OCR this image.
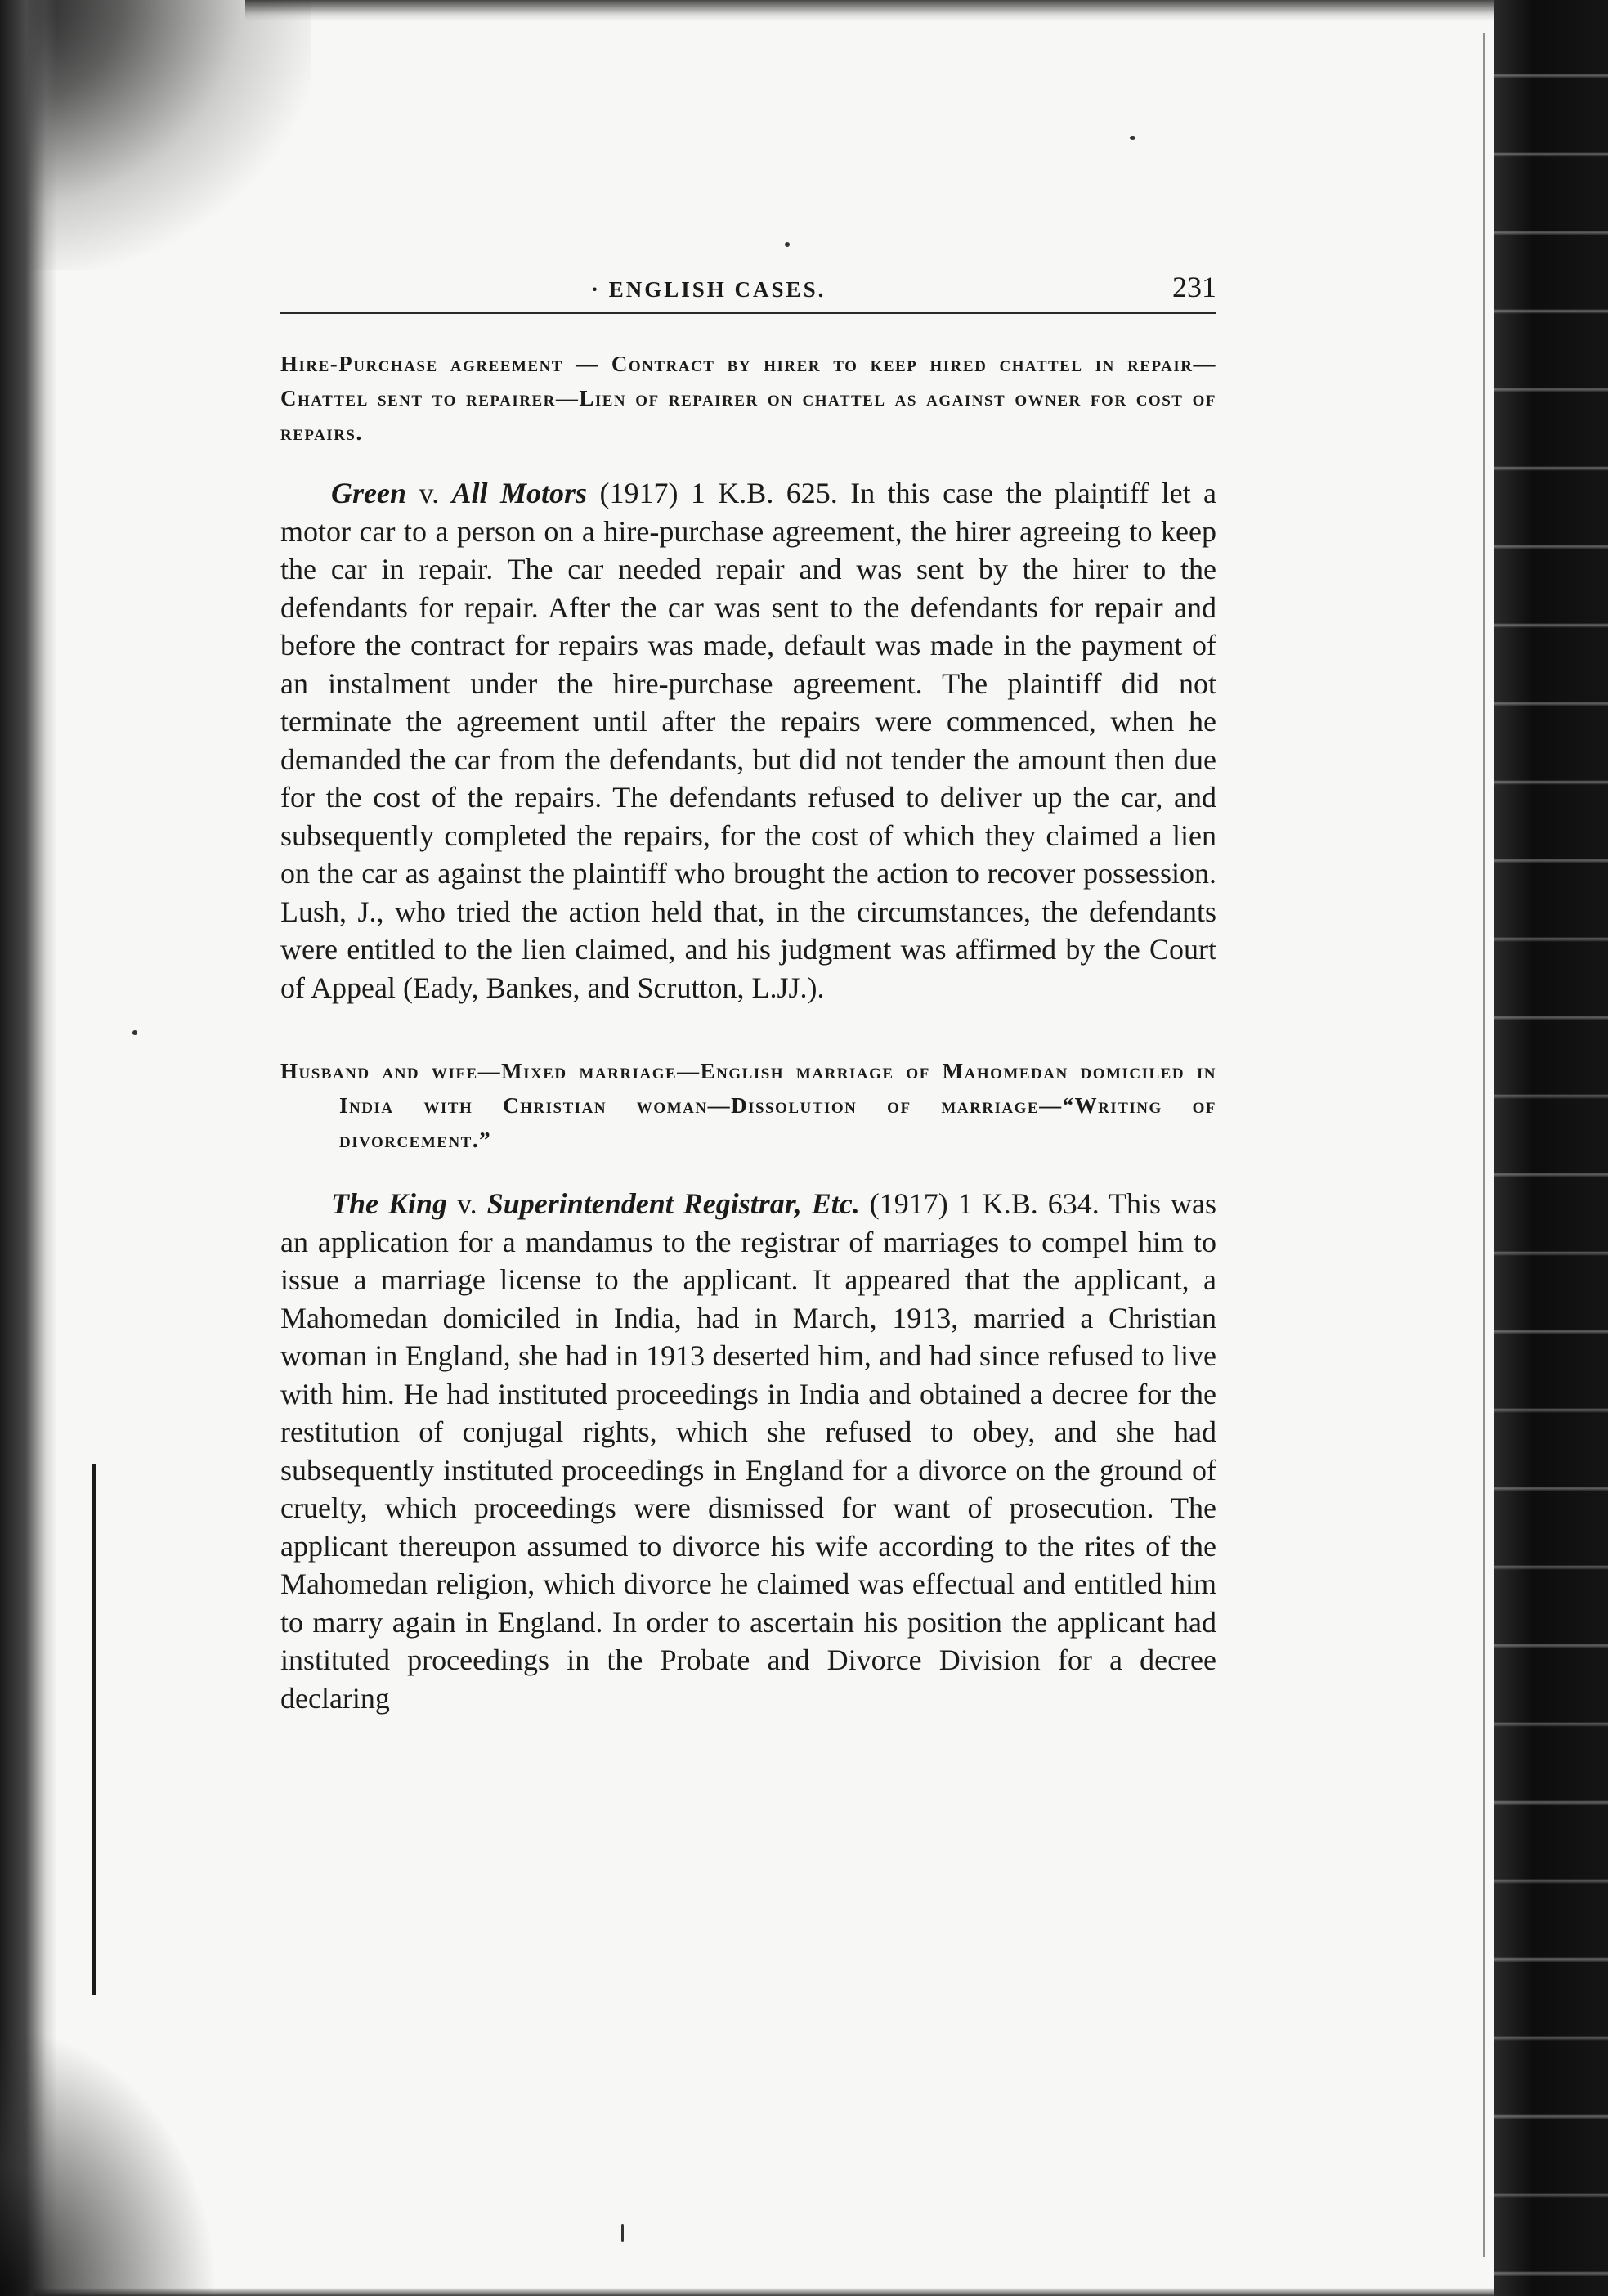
· ENGLISH CASES.	231

Hire-Purchase agreement — Contract by hirer to keep hired chattel in repair—Chattel sent to repairer—Lien of repairer on chattel as against owner for cost of repairs.

Green v. All Motors (1917) 1 K.B. 625. In this case the plaintiff let a motor car to a person on a hire-purchase agreement, the hirer agreeing to keep the car in repair. The car needed repair and was sent by the hirer to the defendants for repair. After the car was sent to the defendants for repair and before the contract for repairs was made, default was made in the payment of an instalment under the hire-purchase agreement. The plaintiff did not terminate the agreement until after the repairs were commenced, when he demanded the car from the defendants, but did not tender the amount then due for the cost of the repairs. The defendants refused to deliver up the car, and subsequently completed the repairs, for the cost of which they claimed a lien on the car as against the plaintiff who brought the action to recover possession. Lush, J., who tried the action held that, in the circumstances, the defendants were entitled to the lien claimed, and his judgment was affirmed by the Court of Appeal (Eady, Bankes, and Scrutton, L.JJ.).

Husband and wife—Mixed marriage—English marriage of Mahomedan domiciled in India with Christian woman—Dissolution of marriage—“Writing of divorcement.”

The King v. Superintendent Registrar, Etc. (1917) 1 K.B. 634. This was an application for a mandamus to the registrar of marriages to compel him to issue a marriage license to the applicant. It appeared that the applicant, a Mahomedan domiciled in India, had in March, 1913, married a Christian woman in England, she had in 1913 deserted him, and had since refused to live with him. He had instituted proceedings in India and obtained a decree for the restitution of conjugal rights, which she refused to obey, and she had subsequently instituted proceedings in England for a divorce on the ground of cruelty, which proceedings were dismissed for want of prosecution. The applicant thereupon assumed to divorce his wife according to the rites of the Mahomedan religion, which divorce he claimed was effectual and entitled him to marry again in England. In order to ascertain his position the applicant had instituted proceedings in the Probate and Divorce Division for a decree declaring
